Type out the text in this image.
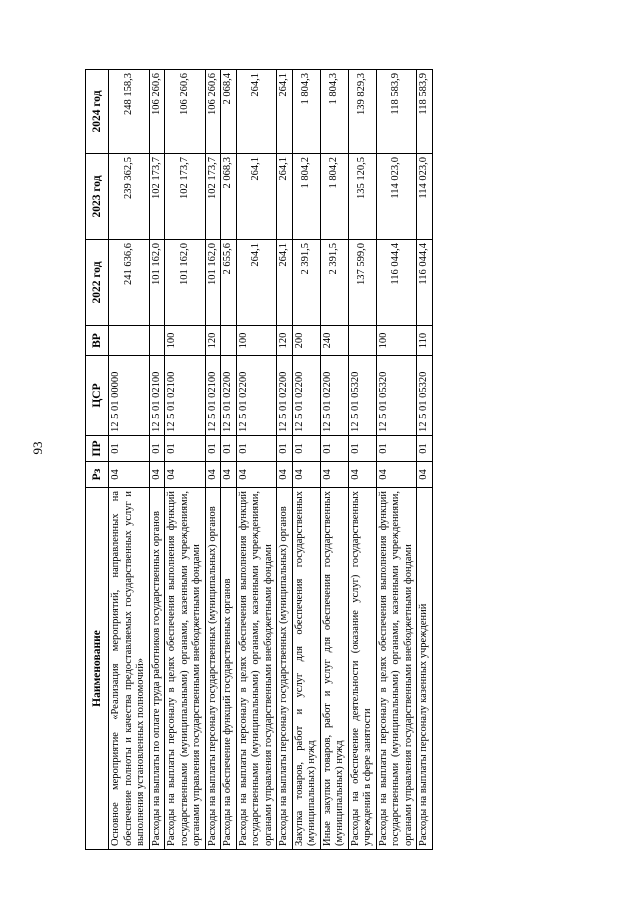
93
Наименование	Рз	ПР	ЦСР	ВР	2022 год	2023 год	2024 год
Основное мероприятие «Реализация мероприятий, направленных на обеспечение полноты и качества предоставляемых государственных услуг и выполнения установленных полномочий»	04	01	12 5 01 00000		241 636,6	239 362,5	248 158,3
Расходы на выплаты по оплате труда работников государственных органов	04	01	12 5 01 02100		101 162,0	102 173,7	106 260,6
Расходы на выплаты персоналу в целях обеспечения выполнения функций государственными (муниципальными) органами, казенными учреждениями, органами управления государственными внебюджетными фондами	04	01	12 5 01 02100	100	101 162,0	102 173,7	106 260,6
Расходы на выплаты персоналу государственных (муниципальных) органов	04	01	12 5 01 02100	120	101 162,0	102 173,7	106 260,6
Расходы на обеспечение функций государственных органов	04	01	12 5 01 02200		2 655,6	2 068,3	2 068,4
Расходы на выплаты персоналу в целях обеспечения выполнения функций государственными (муниципальными) органами, казенными учреждениями, органами управления государственными внебюджетными фондами	04	01	12 5 01 02200	100	264,1	264,1	264,1
Расходы на выплаты персоналу государственных (муниципальных) органов	04	01	12 5 01 02200	120	264,1	264,1	264,1
Закупка товаров, работ и услуг для обеспечения государственных (муниципальных) нужд	04	01	12 5 01 02200	200	2 391,5	1 804,2	1 804,3
Иные закупки товаров, работ и услуг для обеспечения государственных (муниципальных) нужд	04	01	12 5 01 02200	240	2 391,5	1 804,2	1 804,3
Расходы на обеспечение деятельности (оказание услуг) государственных учреждений в сфере занятости	04	01	12 5 01 05320		137 599,0	135 120,5	139 829,3
Расходы на выплаты персоналу в целях обеспечения выполнения функций государственными (муниципальными) органами, казенными учреждениями, органами управления государственными внебюджетными фондами	04	01	12 5 01 05320	100	116 044,4	114 023,0	118 583,9
Расходы на выплаты персоналу казенных учреждений	04	01	12 5 01 05320	110	116 044,4	114 023,0	118 583,9
